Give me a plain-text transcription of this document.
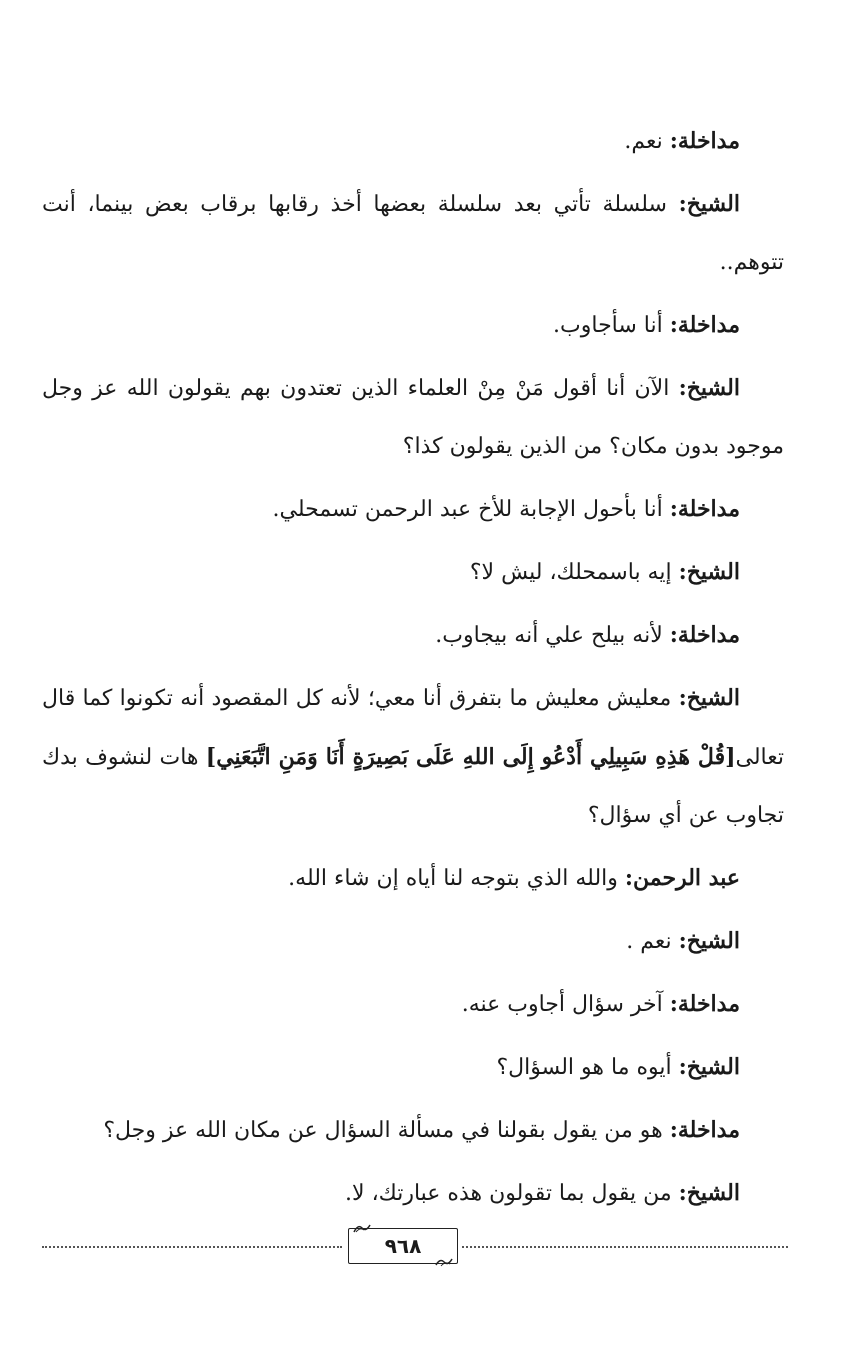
مداخلة: نعم.

الشيخ: سلسلة تأتي بعد سلسلة بعضها أخذ رقابها برقاب بعض بينما، أنت تتوهم..

مداخلة: أنا سأجاوب.

الشيخ: الآن أنا أقول مَنْ مِنْ العلماء الذين تعتدون بهم يقولون الله عز وجل موجود بدون مكان؟ من الذين يقولون كذا؟

مداخلة: أنا بأحول الإجابة للأخ عبد الرحمن تسمحلي.

الشيخ: إيه باسمحلك، ليش لا؟

مداخلة: لأنه بيلح علي أنه بيجاوب.

الشيخ: معليش معليش ما بتفرق أنا معي؛ لأنه كل المقصود أنه تكونوا كما قال تعالى[قُلْ هَذِهِ سَبِيلِي أَدْعُو إِلَى اللهِ عَلَى بَصِيرَةٍ أَنَا وَمَنِ اتَّبَعَنِي] هات لنشوف بدك تجاوب عن أي سؤال؟

عبد الرحمن: والله الذي بتوجه لنا أياه إن شاء الله.

الشيخ: نعم .

مداخلة: آخر سؤال أجاوب عنه.

الشيخ: أيوه ما هو السؤال؟

مداخلة: هو من يقول بقولنا في مسألة السؤال عن مكان الله عز وجل؟

الشيخ: من يقول بما تقولون هذه عبارتك، لا.

٩٦٨
